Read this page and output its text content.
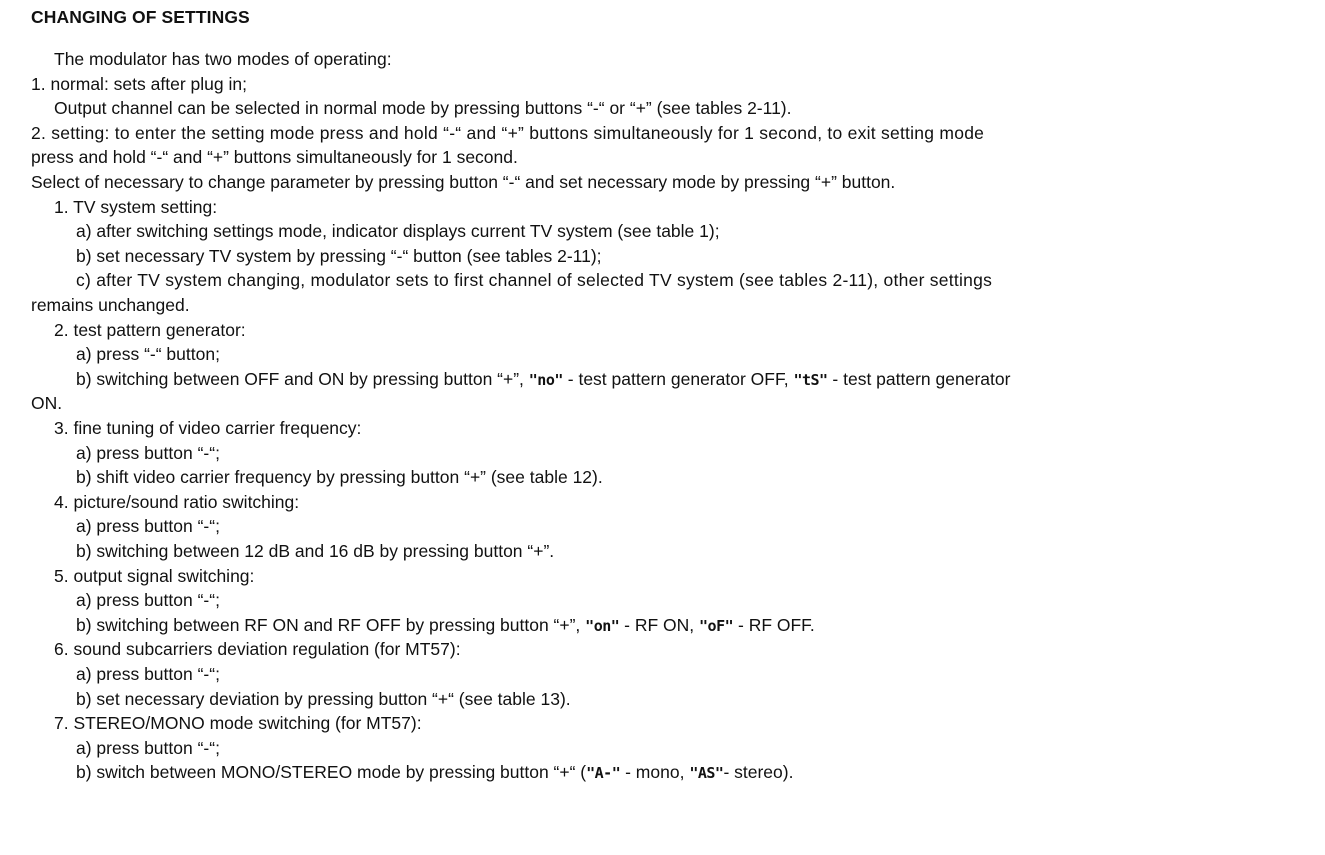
CHANGING OF SETTINGS
The modulator has two modes of operating:
1. normal: sets after plug in;
Output channel can be selected in normal mode by pressing buttons “-“ or “+” (see tables 2-11).
2. setting: to enter the setting mode press and hold “-“ and “+” buttons simultaneously for 1 second, to exit setting mode
press and hold “-“ and “+” buttons simultaneously for 1 second.
Select of necessary to change parameter by pressing button “-“ and set necessary mode by pressing “+” button.
1. TV system setting:
a) after switching settings mode, indicator displays current TV system (see table 1);
b) set necessary TV system by pressing “-“ button (see tables 2-11);
c) after TV system changing, modulator sets to first channel of selected TV system (see tables 2-11), other settings
remains unchanged.
2. test pattern generator:
a) press “-“ button;
b) switching between OFF and ON by pressing button “+”, "no" - test pattern generator OFF, "tS" - test pattern generator
ON.
3. fine tuning of video carrier frequency:
a) press button “-“;
b) shift video carrier frequency by pressing button “+” (see table 12).
4. picture/sound ratio switching:
a) press button “-“;
b) switching between 12 dB and 16 dB by pressing button “+”.
5. output signal switching:
a) press button “-“;
b) switching between RF ON and RF OFF by pressing button “+”, "on" - RF ON, "oF" - RF OFF.
6. sound subcarriers deviation regulation (for MT57):
a) press button “-“;
b) set necessary deviation by pressing button “+“ (see table 13).
7. STEREO/MONO mode switching (for MT57):
a) press button “-“;
b) switch between MONO/STEREO mode by pressing button “+“ ("A-" - mono, "AS"- stereo).
